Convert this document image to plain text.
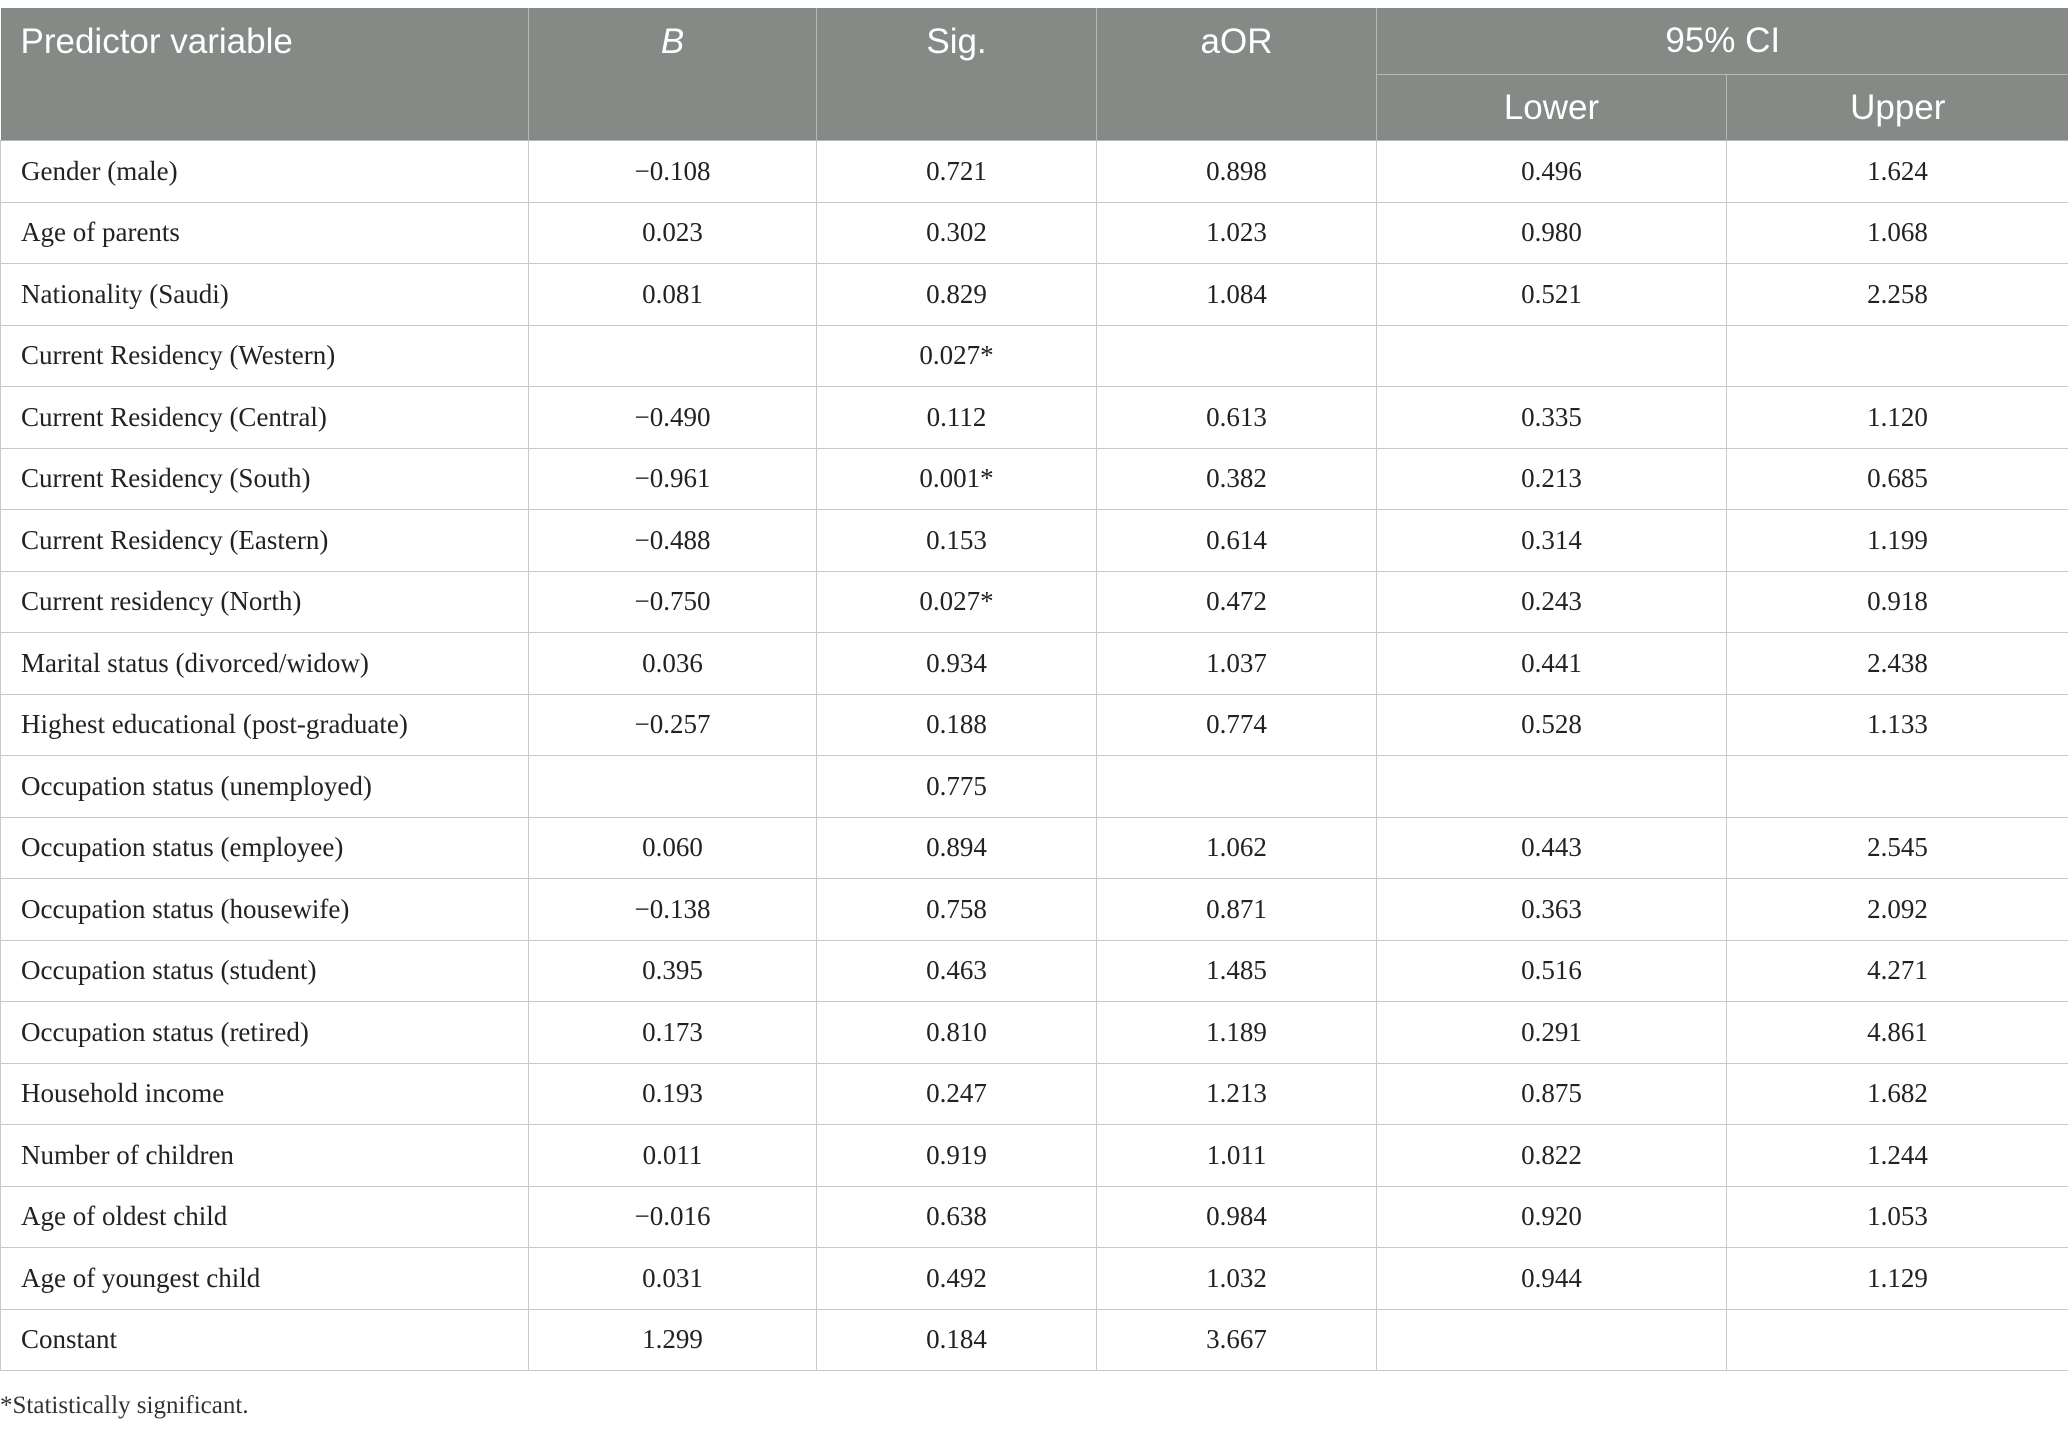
Predictor variable	B	Sig.	aOR	95% CI	
				Lower	Upper
Gender (male)	−0.108	0.721	0.898	0.496	1.624
Age of parents	0.023	0.302	1.023	0.980	1.068
Nationality (Saudi)	0.081	0.829	1.084	0.521	2.258
Current Residency (Western)		0.027*			
Current Residency (Central)	−0.490	0.112	0.613	0.335	1.120
Current Residency (South)	−0.961	0.001*	0.382	0.213	0.685
Current Residency (Eastern)	−0.488	0.153	0.614	0.314	1.199
Current residency (North)	−0.750	0.027*	0.472	0.243	0.918
Marital status (divorced/widow)	0.036	0.934	1.037	0.441	2.438
Highest educational (post-graduate)	−0.257	0.188	0.774	0.528	1.133
Occupation status (unemployed)		0.775			
Occupation status (employee)	0.060	0.894	1.062	0.443	2.545
Occupation status (housewife)	−0.138	0.758	0.871	0.363	2.092
Occupation status (student)	0.395	0.463	1.485	0.516	4.271
Occupation status (retired)	0.173	0.810	1.189	0.291	4.861
Household income	0.193	0.247	1.213	0.875	1.682
Number of children	0.011	0.919	1.011	0.822	1.244
Age of oldest child	−0.016	0.638	0.984	0.920	1.053
Age of youngest child	0.031	0.492	1.032	0.944	1.129
Constant	1.299	0.184	3.667		
*Statistically significant.
